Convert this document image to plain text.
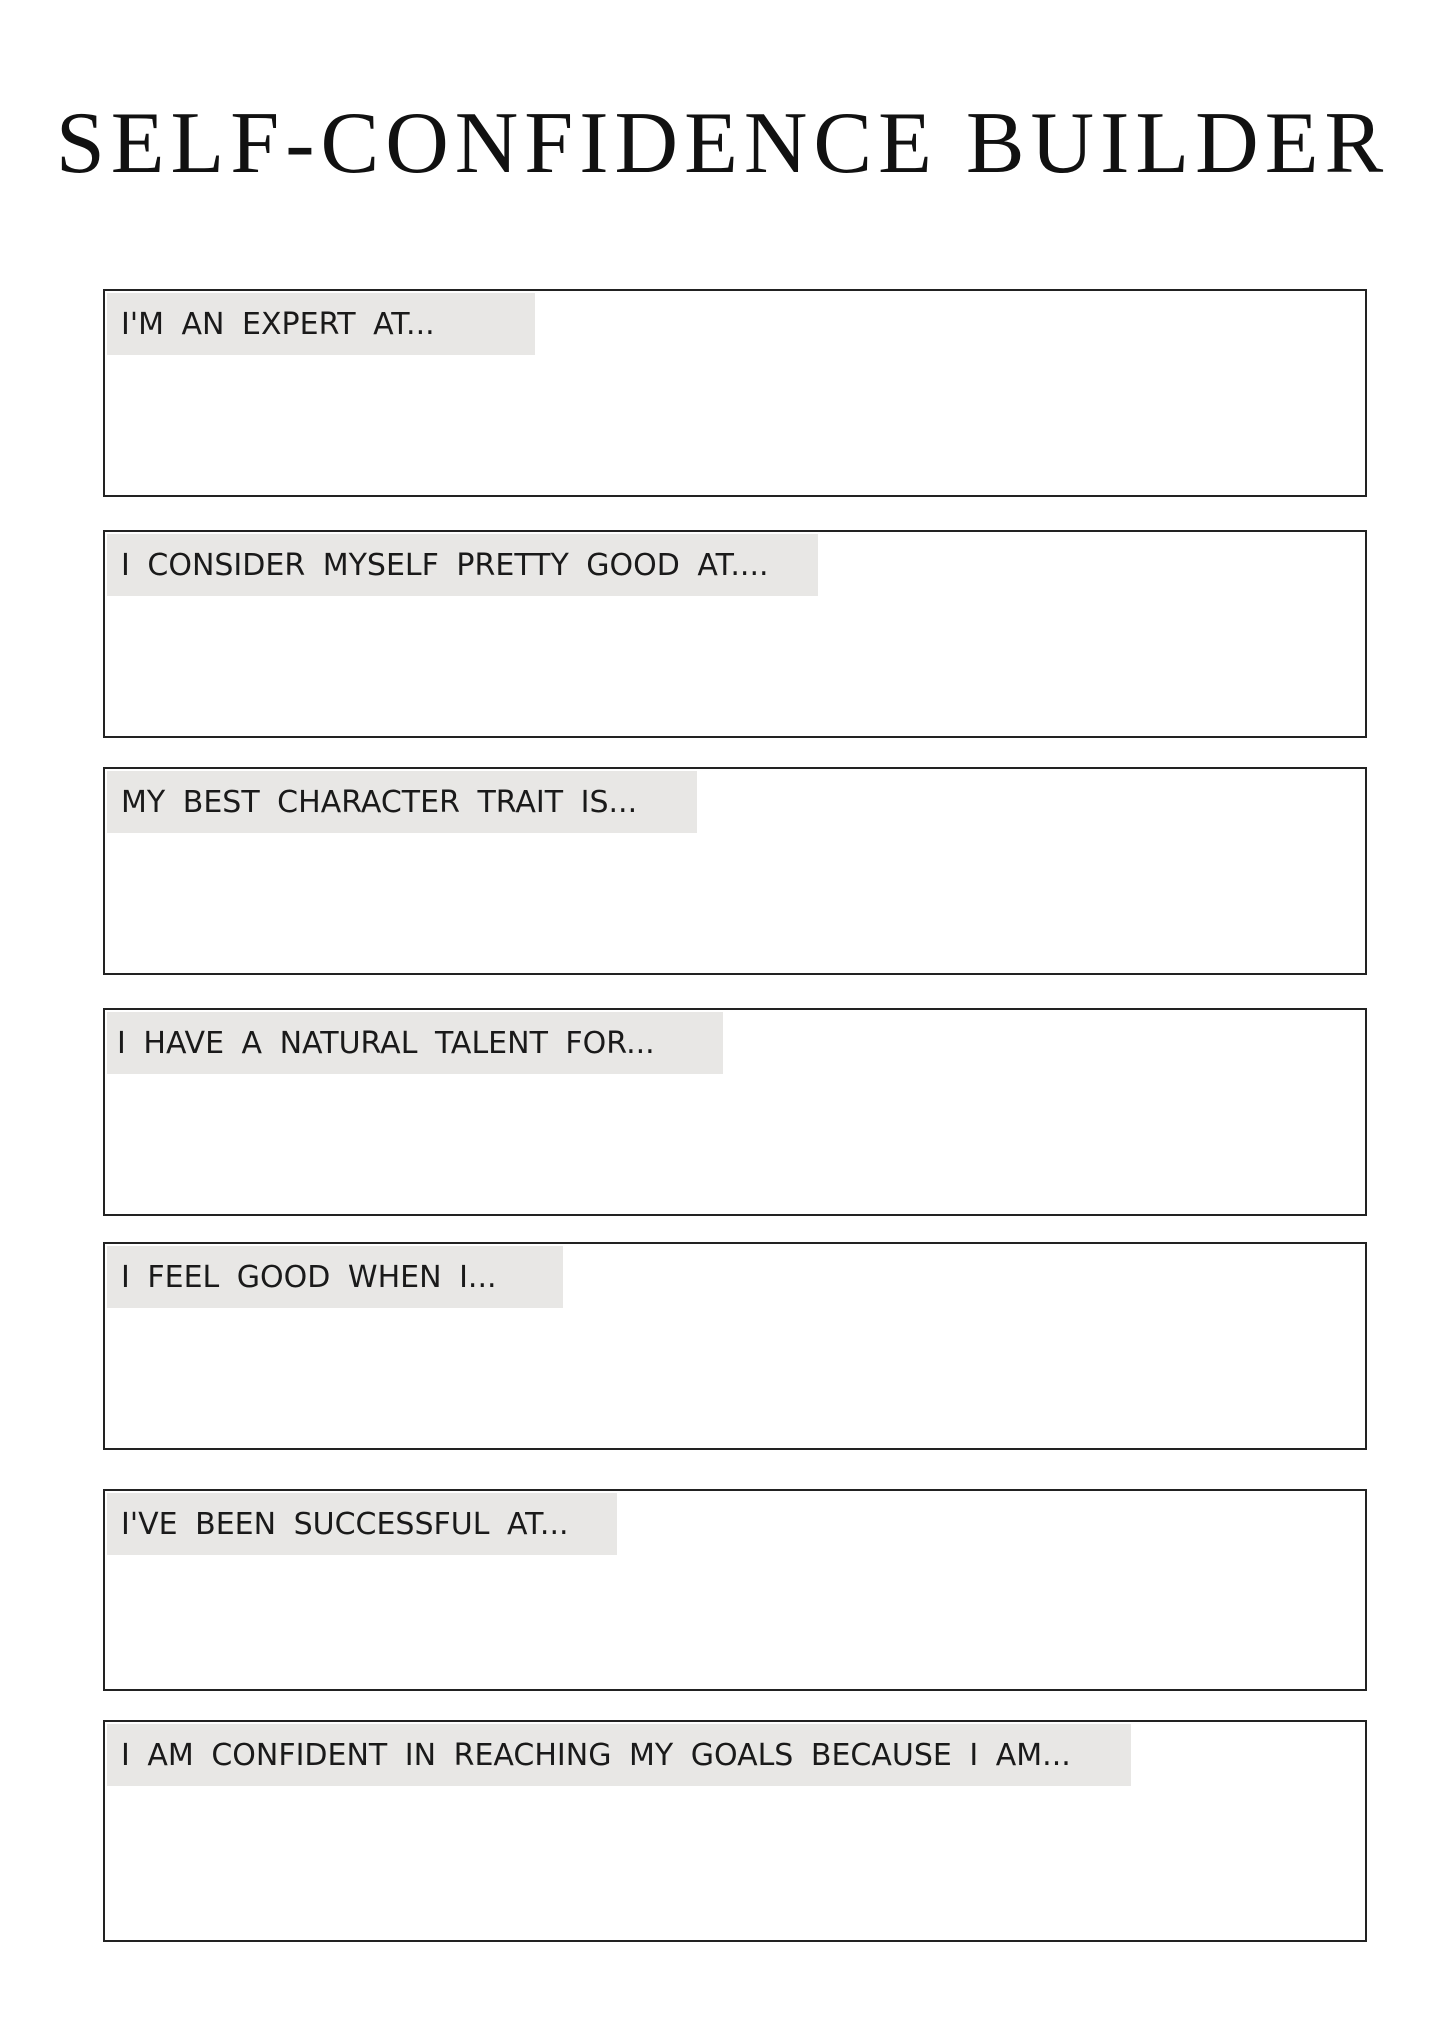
SELF-CONFIDENCE BUILDER
I'M AN EXPERT AT...
I CONSIDER MYSELF PRETTY GOOD AT....
MY BEST CHARACTER TRAIT IS...
I HAVE A NATURAL TALENT FOR...
I FEEL GOOD WHEN I...
I'VE BEEN SUCCESSFUL AT...
I AM CONFIDENT IN REACHING MY GOALS BECAUSE I AM...
